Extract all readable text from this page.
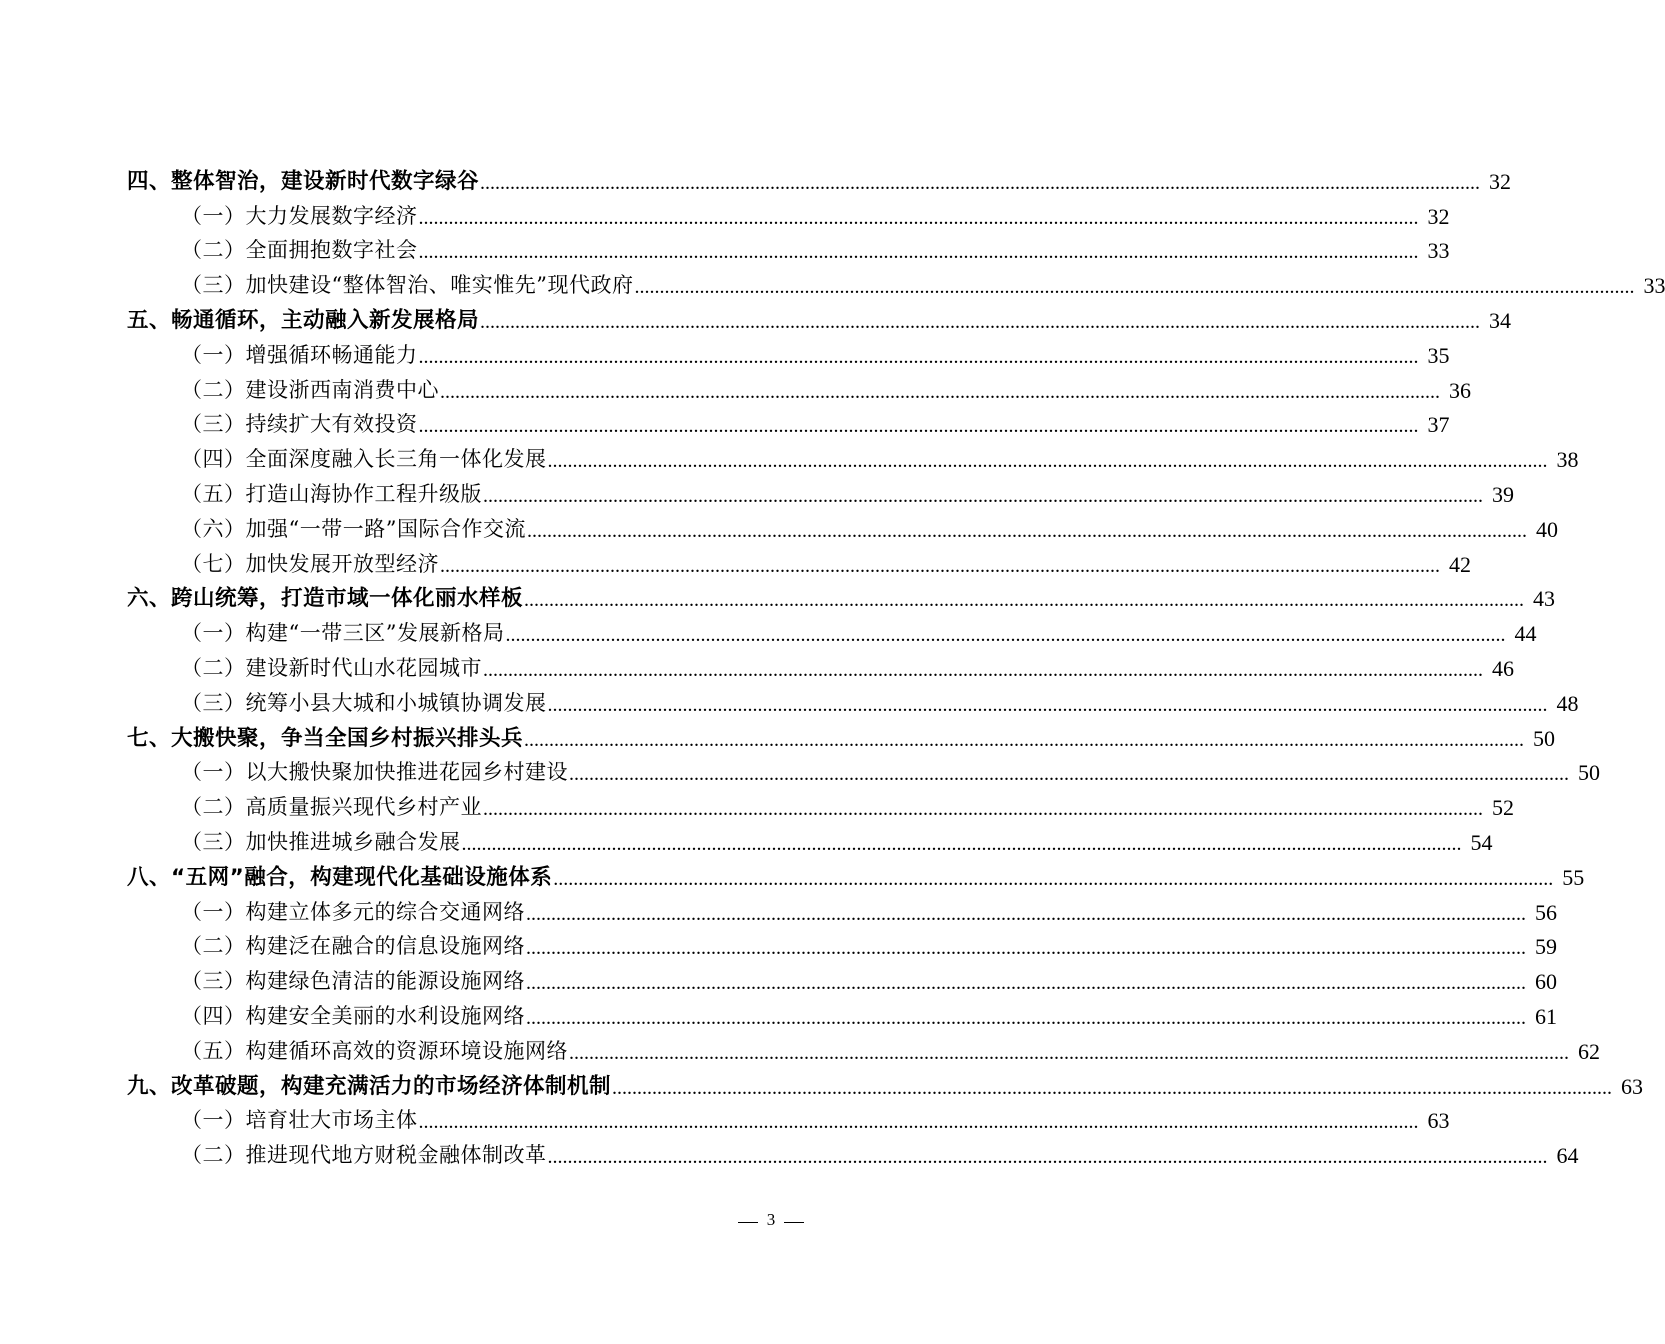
四、整体智治，建设新时代数字绿谷 ........................................................................................................................................................................................................ 32
（一）大力发展数字经济 ........................................................................................................................................................................................................ 32
（二）全面拥抱数字社会 ........................................................................................................................................................................................................ 33
（三）加快建设“整体智治、唯实惟先”现代政府 ........................................................................................................................................................................................................ 33
五、畅通循环，主动融入新发展格局 ........................................................................................................................................................................................................ 34
（一）增强循环畅通能力 ........................................................................................................................................................................................................ 35
（二）建设浙西南消费中心 ........................................................................................................................................................................................................ 36
（三）持续扩大有效投资 ........................................................................................................................................................................................................ 37
（四）全面深度融入长三角一体化发展 ........................................................................................................................................................................................................ 38
（五）打造山海协作工程升级版 ........................................................................................................................................................................................................ 39
（六）加强“一带一路”国际合作交流 ........................................................................................................................................................................................................ 40
（七）加快发展开放型经济 ........................................................................................................................................................................................................ 42
六、跨山统筹，打造市域一体化丽水样板 ........................................................................................................................................................................................................ 43
（一）构建“一带三区”发展新格局 ........................................................................................................................................................................................................ 44
（二）建设新时代山水花园城市 ........................................................................................................................................................................................................ 46
（三）统筹小县大城和小城镇协调发展 ........................................................................................................................................................................................................ 48
七、大搬快聚，争当全国乡村振兴排头兵 ........................................................................................................................................................................................................ 50
（一）以大搬快聚加快推进花园乡村建设 ........................................................................................................................................................................................................ 50
（二）高质量振兴现代乡村产业 ........................................................................................................................................................................................................ 52
（三）加快推进城乡融合发展 ........................................................................................................................................................................................................ 54
八、“五网”融合，构建现代化基础设施体系 ........................................................................................................................................................................................................ 55
（一）构建立体多元的综合交通网络 ........................................................................................................................................................................................................ 56
（二）构建泛在融合的信息设施网络 ........................................................................................................................................................................................................ 59
（三）构建绿色清洁的能源设施网络 ........................................................................................................................................................................................................ 60
（四）构建安全美丽的水利设施网络 ........................................................................................................................................................................................................ 61
（五）构建循环高效的资源环境设施网络 ........................................................................................................................................................................................................ 62
九、改革破题，构建充满活力的市场经济体制机制 ........................................................................................................................................................................................................ 63
（一）培育壮大市场主体 ........................................................................................................................................................................................................ 63
（二）推进现代地方财税金融体制改革 ........................................................................................................................................................................................................ 64
3
